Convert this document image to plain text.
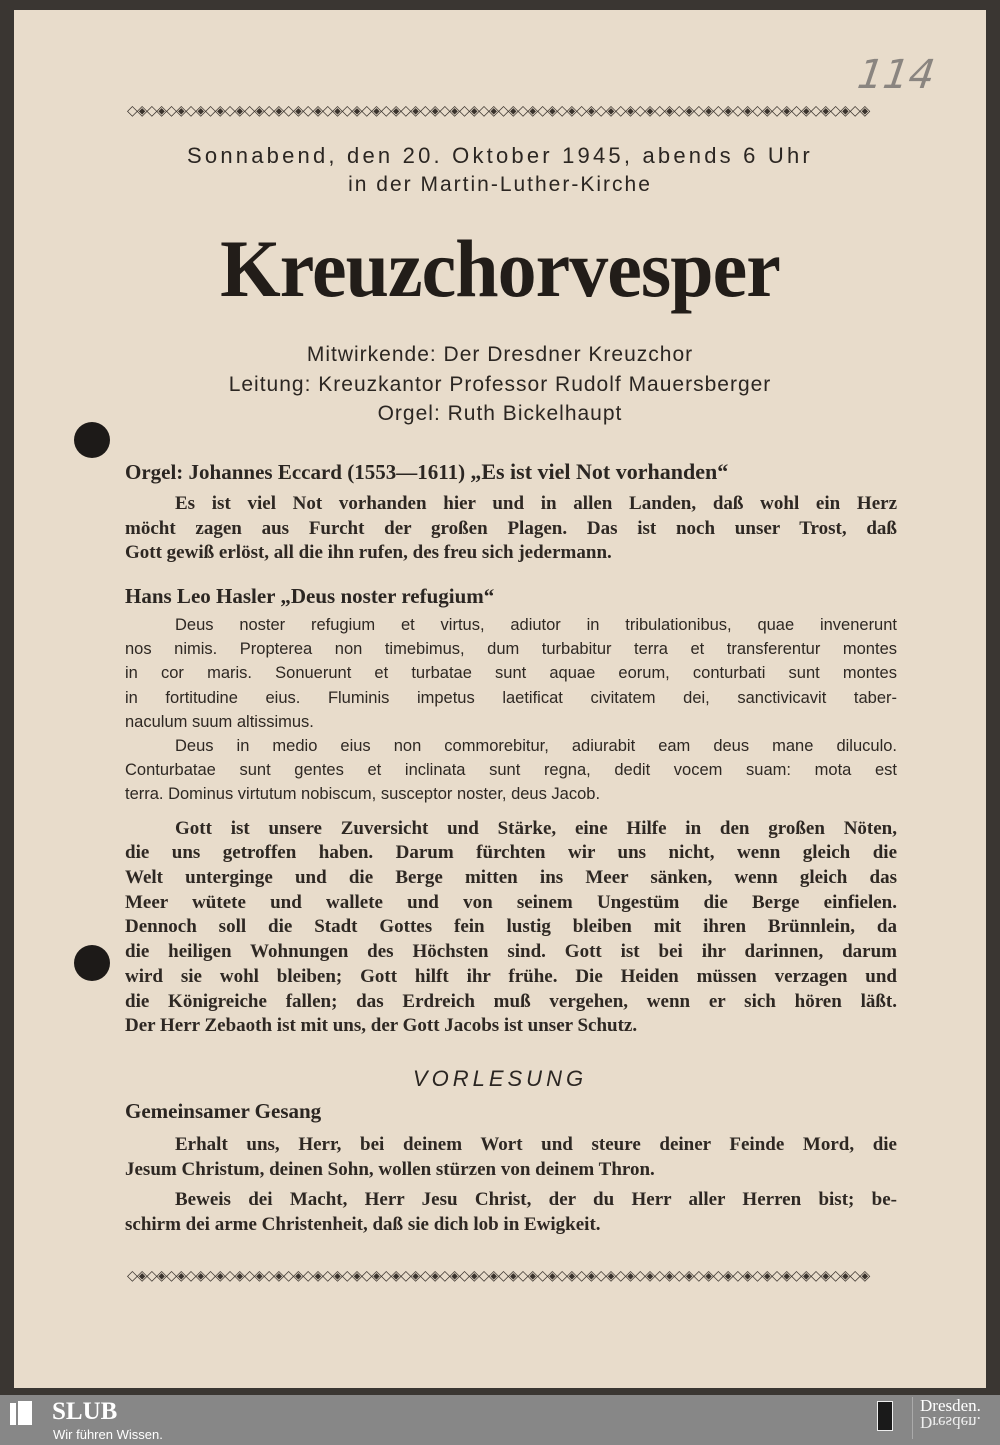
114
◇◈◇◈◇◈◇◈◇◈◇◈◇◈◇◈◇◈◇◈◇◈◇◈◇◈◇◈◇◈◇◈◇◈◇◈◇◈◇◈◇◈◇◈◇◈◇◈◇◈◇◈◇◈◇◈◇◈◇◈◇◈◇◈◇◈◇◈◇◈◇◈◇◈◇◈
Sonnabend, den 20. Oktober 1945, abends 6 Uhr
in der Martin-Luther-Kirche
Kreuzchorvesper
Mitwirkende: Der Dresdner Kreuzchor
Leitung: Kreuzkantor Professor Rudolf Mauersberger
Orgel: Ruth Bickelhaupt
Orgel: Johannes Eccard (1553—1611) „Es ist viel Not vorhanden“
Es ist viel Not vorhanden hier und in allen Landen, daß wohl ein Herz
möcht zagen aus Furcht der großen Plagen. Das ist noch unser Trost, daß
Gott gewiß erlöst, all die ihn rufen, des freu sich jedermann.
Hans Leo Hasler „Deus noster refugium“
Deus noster refugium et virtus, adiutor in tribulationibus, quae invenerunt
nos nimis. Propterea non timebimus, dum turbabitur terra et transferentur montes
in cor maris. Sonuerunt et turbatae sunt aquae eorum, conturbati sunt montes
in fortitudine eius. Fluminis impetus laetificat civitatem dei, sanctivicavit taber-
naculum suum altissimus.
Deus in medio eius non commorebitur, adiurabit eam deus mane diluculo.
Conturbatae sunt gentes et inclinata sunt regna, dedit vocem suam: mota est
terra. Dominus virtutum nobiscum, susceptor noster, deus Jacob.
Gott ist unsere Zuversicht und Stärke, eine Hilfe in den großen Nöten,
die uns getroffen haben. Darum fürchten wir uns nicht, wenn gleich die
Welt unterginge und die Berge mitten ins Meer sänken, wenn gleich das
Meer wütete und wallete und von seinem Ungestüm die Berge einfielen.
Dennoch soll die Stadt Gottes fein lustig bleiben mit ihren Brünnlein, da
die heiligen Wohnungen des Höchsten sind. Gott ist bei ihr darinnen, darum
wird sie wohl bleiben; Gott hilft ihr frühe. Die Heiden müssen verzagen und
die Königreiche fallen; das Erdreich muß vergehen, wenn er sich hören läßt.
Der Herr Zebaoth ist mit uns, der Gott Jacobs ist unser Schutz.
VORLESUNG
Gemeinsamer Gesang
Erhalt uns, Herr, bei deinem Wort und steure deiner Feinde Mord, die
Jesum Christum, deinen Sohn, wollen stürzen von deinem Thron.
Beweis dei Macht, Herr Jesu Christ, der du Herr aller Herren bist; be-
schirm dei arme Christenheit, daß sie dich lob in Ewigkeit.
◇◈◇◈◇◈◇◈◇◈◇◈◇◈◇◈◇◈◇◈◇◈◇◈◇◈◇◈◇◈◇◈◇◈◇◈◇◈◇◈◇◈◇◈◇◈◇◈◇◈◇◈◇◈◇◈◇◈◇◈◇◈◇◈◇◈◇◈◇◈◇◈◇◈◇◈
SLUB
Wir führen Wissen.
Dresden.
Dresden.
